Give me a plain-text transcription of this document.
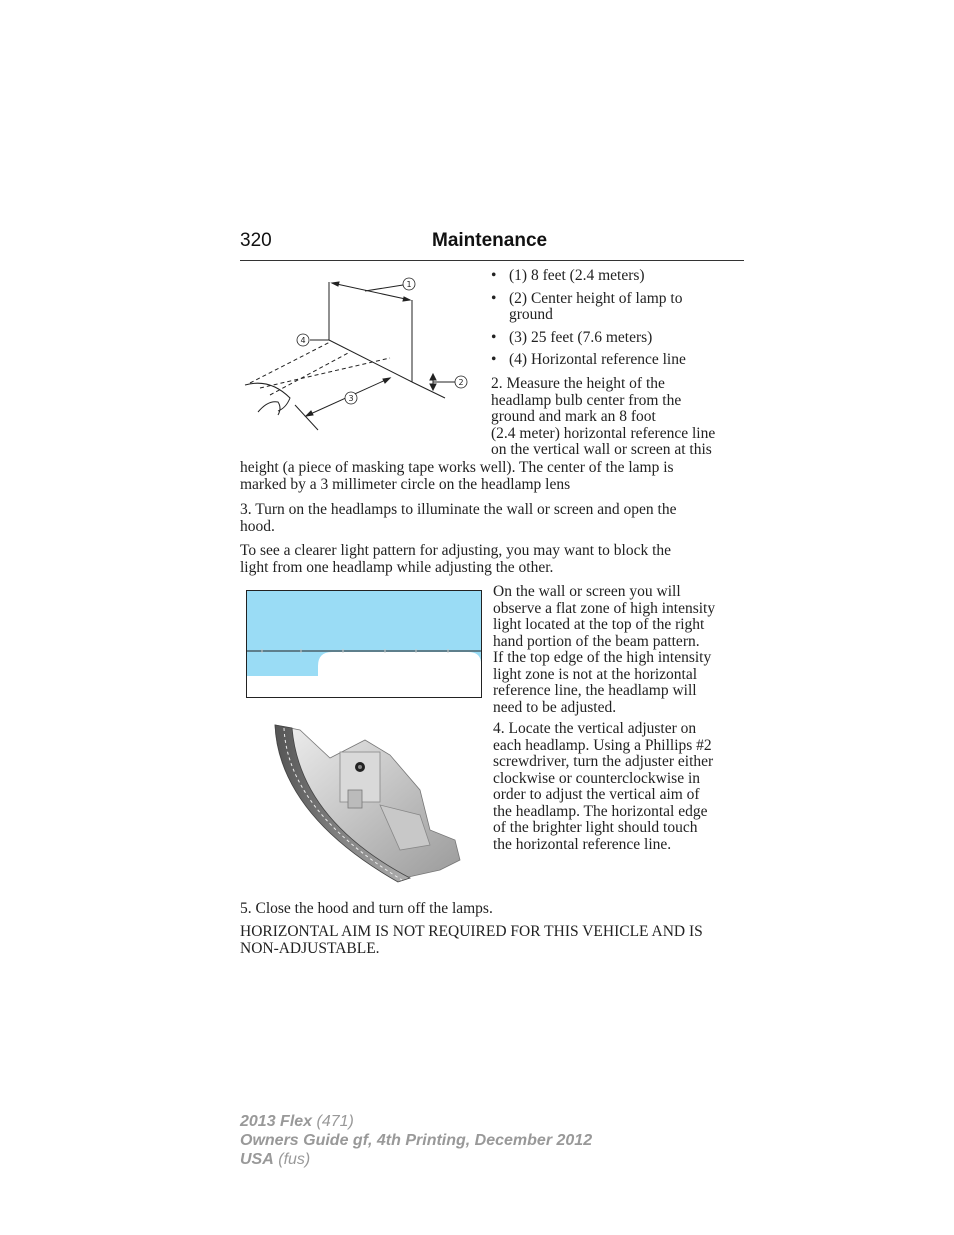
320	Maintenance
1
2
3
4
• (1) 8 feet (2.4 meters)
• (2) Center height of lamp to ground
• (3) 25 feet (7.6 meters)
• (4) Horizontal reference line
2. Measure the height of the
headlamp bulb center from the
ground and mark an 8 foot
(2.4 meter) horizontal reference line
on the vertical wall or screen at this
height (a piece of masking tape works well). The center of the lamp is
marked by a 3 millimeter circle on the headlamp lens
3. Turn on the headlamps to illuminate the wall or screen and open the
hood.
To see a clearer light pattern for adjusting, you may want to block the
light from one headlamp while adjusting the other.
On the wall or screen you will
observe a flat zone of high intensity
light located at the top of the right
hand portion of the beam pattern.
If the top edge of the high intensity
light zone is not at the horizontal
reference line, the headlamp will
need to be adjusted.
4. Locate the vertical adjuster on
each headlamp. Using a Phillips #2
screwdriver, turn the adjuster either
clockwise or counterclockwise in
order to adjust the vertical aim of
the headlamp. The horizontal edge
of the brighter light should touch
the horizontal reference line.
5. Close the hood and turn off the lamps.
HORIZONTAL AIM IS NOT REQUIRED FOR THIS VEHICLE AND IS
NON-ADJUSTABLE.
2013 Flex (471)
Owners Guide gf, 4th Printing, December 2012
USA (fus)
